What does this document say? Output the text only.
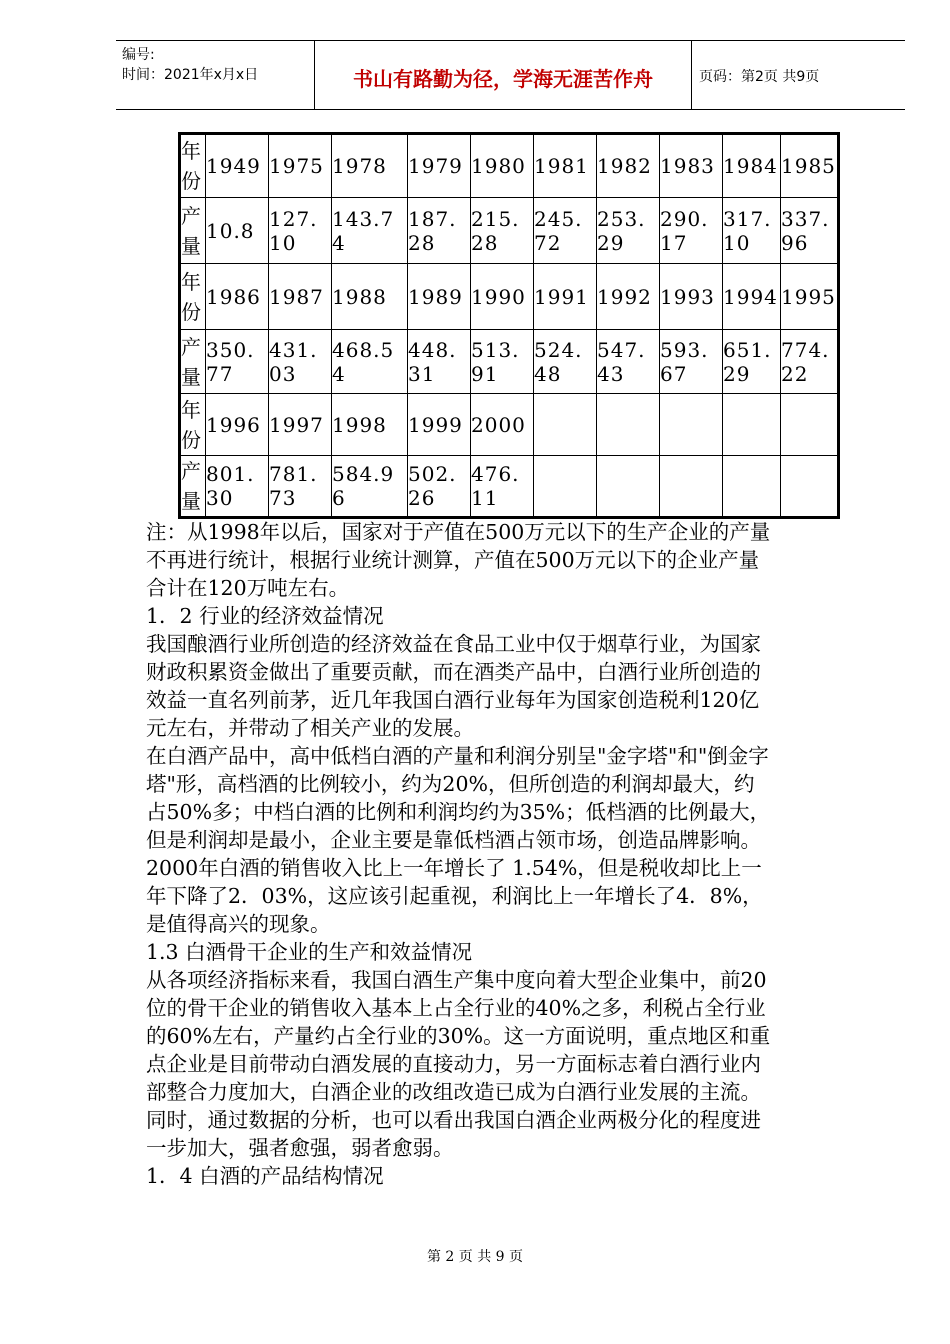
编号:
时间：2021年x月x日	书山有路勤为径，学海无涯苦作舟	页码：第2页 共9页
年
份	1949	1975	1978	1979	1980	1981	1982	1983	1984	1985

产
量	10.8	127.10	143.74	187.28	215.28	245.72	253.29	290.17	317.10	337.96

年
份	1986	1987	1988	1989	1990	1991	1992	1993	1994	1995

产
量	350.77	431.03	468.54	448.31	513.91	524.48	547.43	593.67	651.29	774.22

年
份	1996	1997	1998	1999	2000					

产
量	801.30	781.73	584.96	502.26	476.11					
注：从1998年以后，国家对于产值在500万元以下的生产企业的产量
不再进行统计，根据行业统计测算，产值在500万元以下的企业产量
合计在120万吨左右。
1．2 行业的经济效益情况
我国酿酒行业所创造的经济效益在食品工业中仅于烟草行业，为国家
财政积累资金做出了重要贡献，而在酒类产品中，白酒行业所创造的
效益一直名列前茅，近几年我国白酒行业每年为国家创造税利120亿
元左右，并带动了相关产业的发展。
在白酒产品中，高中低档白酒的产量和利润分别呈"金字塔"和"倒金字
塔"形，高档酒的比例较小，约为20%，但所创造的利润却最大，约
占50%多；中档白酒的比例和利润均约为35%；低档酒的比例最大，
但是利润却是最小，企业主要是靠低档酒占领市场，创造品牌影响。
2000年白酒的销售收入比上一年增长了 1.54%，但是税收却比上一
年下降了2．03%，这应该引起重视，利润比上一年增长了4．8%，
是值得高兴的现象。
1.3 白酒骨干企业的生产和效益情况
从各项经济指标来看，我国白酒生产集中度向着大型企业集中，前20
位的骨干企业的销售收入基本上占全行业的40%之多，利税占全行业
的60%左右，产量约占全行业的30%。这一方面说明，重点地区和重
点企业是目前带动白酒发展的直接动力，另一方面标志着白酒行业内
部整合力度加大，白酒企业的改组改造已成为白酒行业发展的主流。
同时，通过数据的分析，也可以看出我国白酒企业两极分化的程度进
一步加大，强者愈强，弱者愈弱。
1．4 白酒的产品结构情况
第 2 页 共 9 页
